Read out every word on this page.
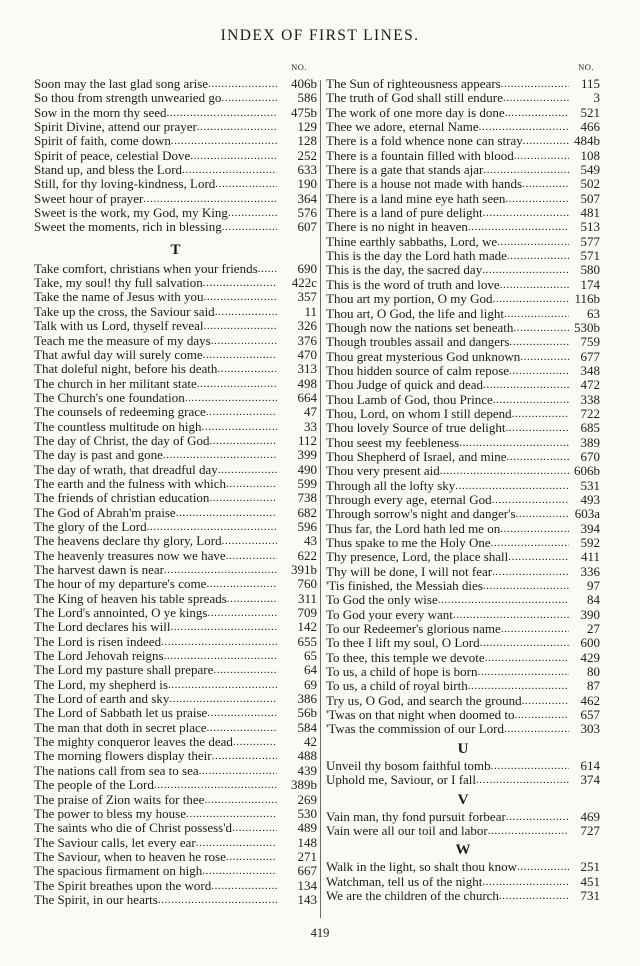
INDEX OF FIRST LINES.
NO.
Soon may the last glad song arise .....	406b
So thou from strength unwearied go .....	586
Sow in the morn thy seed .....	475b
Spirit Divine, attend our prayer .....	129
Spirit of faith, come down .....	128
Spirit of peace, celestial Dove .....	252
Stand up, and bless the Lord .....	633
Still, for thy loving-kindness, Lord .....	190
Sweet hour of prayer .....	364
Sweet is the work, my God, my King .....	576
Sweet the moments, rich in blessing .....	607
T
Take comfort, christians when your friends .....	690
Take, my soul! thy full salvation .....	422c
Take the name of Jesus with you .....	357
Take up the cross, the Saviour said .....	11
Talk with us Lord, thyself reveal .....	326
Teach me the measure of my days .....	376
That awful day will surely come .....	470
That doleful night, before his death .....	313
The church in her militant state .....	498
The Church's one foundation .....	664
The counsels of redeeming grace .....	47
The countless multitude on high .....	33
The day of Christ, the day of God .....	112
The day is past and gone .....	399
The day of wrath, that dreadful day .....	490
The earth and the fulness with which .....	599
The friends of christian education .....	738
The God of Abrah'm praise .....	682
The glory of the Lord .....	596
The heavens declare thy glory, Lord .....	43
The heavenly treasures now we have .....	622
The harvest dawn is near .....	391b
The hour of my departure's come .....	760
The King of heaven his table spreads .....	311
The Lord's annointed, O ye kings .....	709
The Lord declares his will .....	142
The Lord is risen indeed .....	655
The Lord Jehovah reigns .....	65
The Lord my pasture shall prepare .....	64
The Lord, my shepherd is .....	69
The Lord of earth and sky .....	386
The Lord of Sabbath let us praise .....	56b
The man that doth in secret place .....	584
The mighty conqueror leaves the dead .....	42
The morning flowers display their .....	488
The nations call from sea to sea .....	439
The people of the Lord .....	389b
The praise of Zion waits for thee .....	269
The power to bless my house .....	530
The saints who die of Christ possess'd .....	489
The Saviour calls, let every ear .....	148
The Saviour, when to heaven he rose .....	271
The spacious firmament on high .....	667
The Spirit breathes upon the word .....	134
The Spirit, in our hearts .....	143
NO.
The Sun of righteousness appears .....	115
The truth of God shall still endure .....	3
The work of one more day is done .....	521
Thee we adore, eternal Name .....	466
There is a fold whence none can stray .....	484b
There is a fountain filled with blood .....	108
There is a gate that stands ajar .....	549
There is a house not made with hands .....	502
There is a land mine eye hath seen .....	507
There is a land of pure delight .....	481
There is no night in heaven .....	513
Thine earthly sabbaths, Lord, we .....	577
This is the day the Lord hath made .....	571
This is the day, the sacred day .....	580
This is the word of truth and love .....	174
Thou art my portion, O my God .....	116b
Thou art, O God, the life and light .....	63
Though now the nations set beneath .....	530b
Though troubles assail and dangers .....	759
Thou great mysterious God unknown .....	677
Thou hidden source of calm repose .....	348
Thou Judge of quick and dead .....	472
Thou Lamb of God, thou Prince .....	338
Thou, Lord, on whom I still depend .....	722
Thou lovely Source of true delight .....	685
Thou seest my feebleness .....	389
Thou Shepherd of Israel, and mine .....	670
Thou very present aid .....	606b
Through all the lofty sky .....	531
Through every age, eternal God .....	493
Through sorrow's night and danger's .....	603a
Thus far, the Lord hath led me on .....	394
Thus spake to me the Holy One .....	592
Thy presence, Lord, the place shall .....	411
Thy will be done, I will not fear .....	336
'Tis finished, the Messiah dies .....	97
To God the only wise .....	84
To God your every want .....	390
To our Redeemer's glorious name .....	27
To thee I lift my soul, O Lord .....	600
To thee, this temple we devote .....	429
To us, a child of hope is born .....	80
To us, a child of royal birth .....	87
Try us, O God, and search the ground .....	462
'Twas on that night when doomed to .....	657
'Twas the commission of our Lord .....	303
U
Unveil thy bosom faithful tomb .....	614
Uphold me, Saviour, or I fall .....	374
V
Vain man, thy fond pursuit forbear .....	469
Vain were all our toil and labor .....	727
W
Walk in the light, so shalt thou know .....	251
Watchman, tell us of the night .....	451
We are the children of the church .....	731
419
